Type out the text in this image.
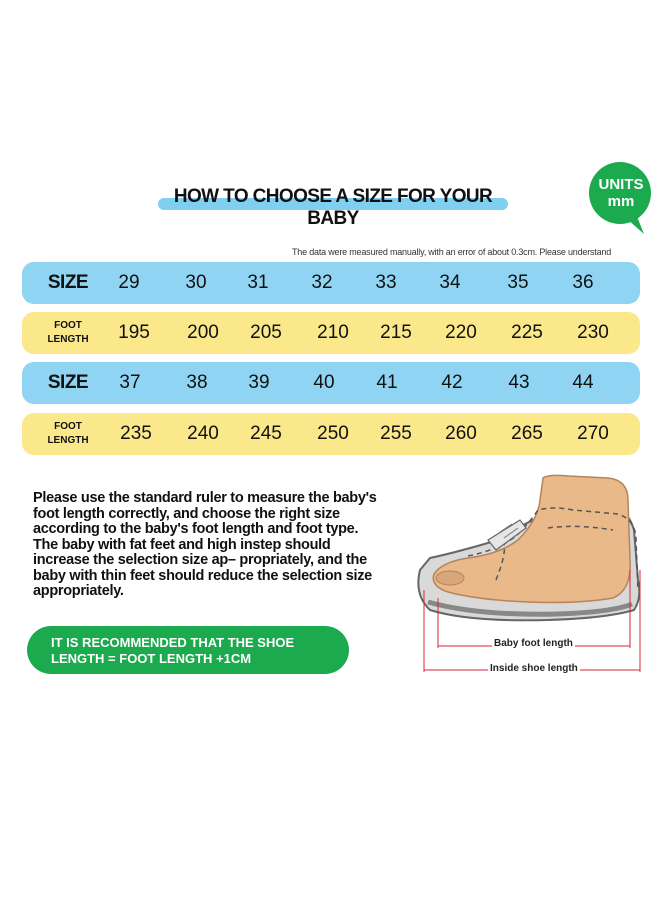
HOW TO CHOOSE A SIZE FOR YOUR BABY
UNITS
mm
The data were measured manually, with an error of about 0.3cm. Please understand
SIZE	29	30	31	32	33	34	35	36
FOOT
LENGTH	195	200	205	210	215	220	225	230
SIZE	37	38	39	40	41	42	43	44
FOOT
LENGTH	235	240	245	250	255	260	265	270
Please use the standard ruler to measure the baby's foot length correctly, and choose the right size according to the baby's foot length and foot type. The baby with fat feet and high instep should increase the selection size ap– propriately, and the baby with thin feet should reduce the selection size appropriately.
IT IS RECOMMENDED THAT THE SHOE LENGTH = FOOT LENGTH +1CM
Baby foot length
Inside shoe length
